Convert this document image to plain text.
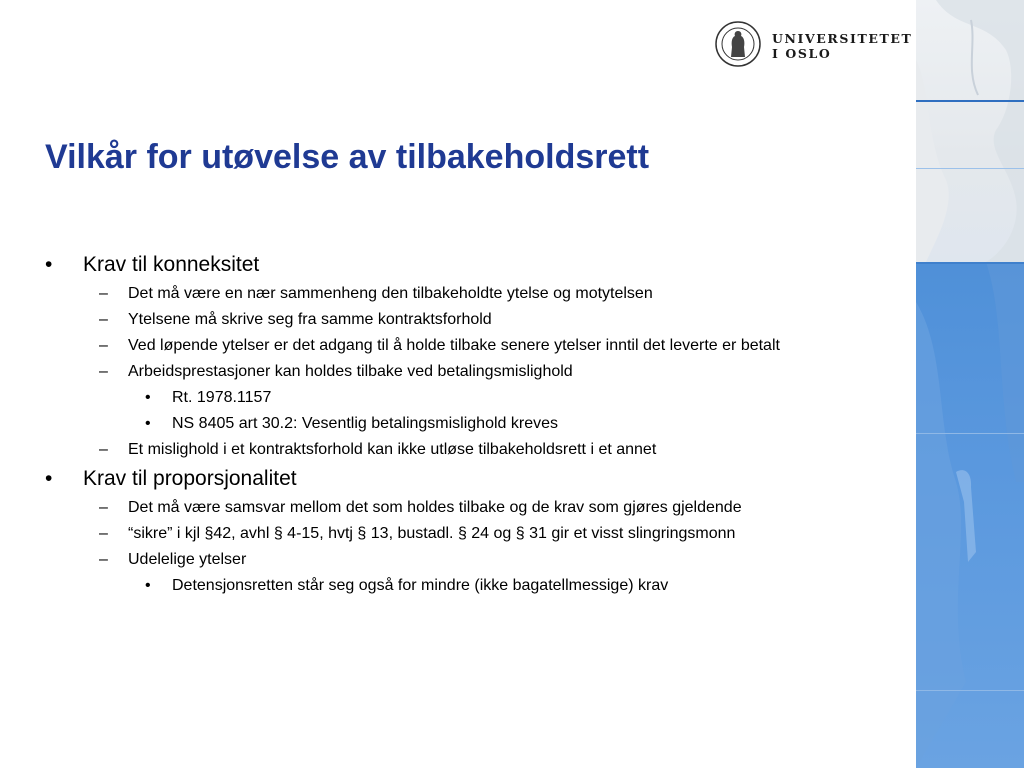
UNIVERSITETET
I OSLO
Vilkår for utøvelse av tilbakeholdsrett
• Krav til konneksitet
– Det må være en nær sammenheng den tilbakeholdte ytelse og motytelsen
– Ytelsene må skrive seg fra samme kontraktsforhold
– Ved løpende ytelser er det adgang til å holde tilbake senere ytelser inntil det leverte er betalt
– Arbeidsprestasjoner kan holdes tilbake ved betalingsmislighold
• Rt. 1978.1157
• NS 8405 art 30.2: Vesentlig betalingsmislighold kreves
– Et mislighold i et kontraktsforhold kan ikke utløse tilbakeholdsrett i et annet
• Krav til proporsjonalitet
– Det må være samsvar mellom det som holdes tilbake og de krav som gjøres gjeldende
– “sikre” i kjl §42, avhl § 4-15, hvtj § 13, bustadl. § 24 og § 31 gir et visst slingringsmonn
– Udelelige ytelser
• Detensjonsretten står seg også for mindre (ikke bagatellmessige) krav
